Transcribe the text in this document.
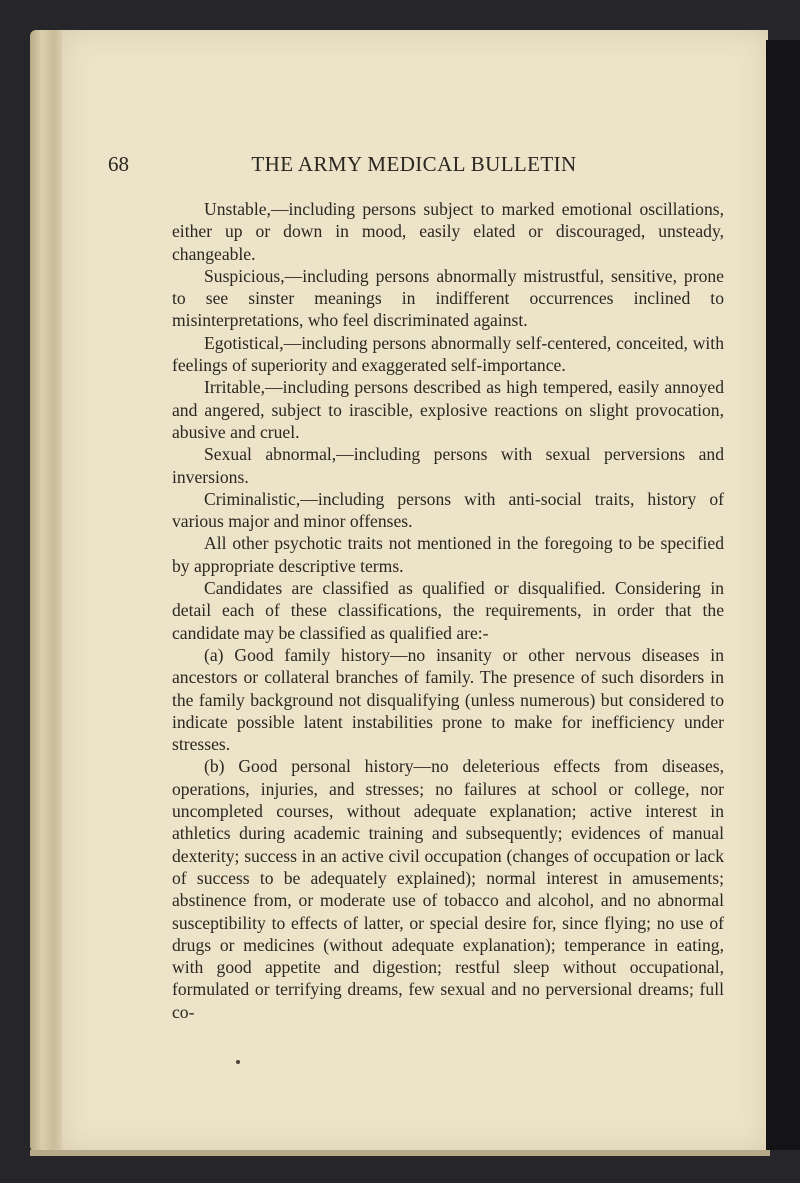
68	THE ARMY MEDICAL BULLETIN

Unstable,—including persons subject to marked emotional oscillations, either up or down in mood, easily elated or discouraged, unsteady, changeable.

Suspicious,—including persons abnormally mistrustful, sensitive, prone to see sinster meanings in indifferent occurrences inclined to misinterpretations, who feel discriminated against.

Egotistical,—including persons abnormally self-centered, conceited, with feelings of superiority and exaggerated self-importance.

Irritable,—including persons described as high tempered, easily annoyed and angered, subject to irascible, explosive reactions on slight provocation, abusive and cruel.

Sexual abnormal,—including persons with sexual perversions and inversions.

Criminalistic,—including persons with anti-social traits, history of various major and minor offenses.

All other psychotic traits not mentioned in the foregoing to be specified by appropriate descriptive terms.

Candidates are classified as qualified or disqualified. Considering in detail each of these classifications, the requirements, in order that the candidate may be classified as qualified are:-

(a) Good family history—no insanity or other nervous diseases in ancestors or collateral branches of family. The presence of such disorders in the family background not disqualifying (unless numerous) but considered to indicate possible latent instabilities prone to make for inefficiency under stresses.

(b) Good personal history—no deleterious effects from diseases, operations, injuries, and stresses; no failures at school or college, nor uncompleted courses, without adequate explanation; active interest in athletics during academic training and subsequently; evidences of manual dexterity; success in an active civil occupation (changes of occupation or lack of success to be adequately explained); normal interest in amusements; abstinence from, or moderate use of tobacco and alcohol, and no abnormal susceptibility to effects of latter, or special desire for, since flying; no use of drugs or medicines (without adequate explanation); temperance in eating, with good appetite and digestion; restful sleep without occupational, formulated or terrifying dreams, few sexual and no perversional dreams; full co-
